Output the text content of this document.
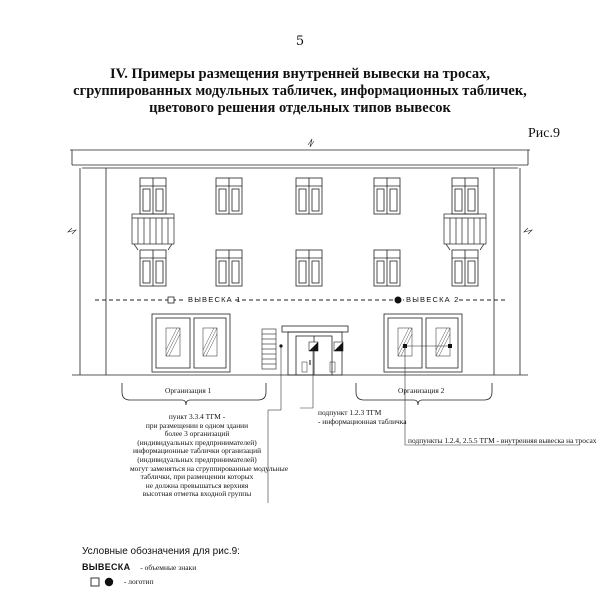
5
IV. Примеры размещения внутренней вывески на тросах,
сгруппированных модульных табличек, информационных табличек,
цветового решения отдельных типов вывесок
Рис.9
ВЫВЕСКА 1	ВЫВЕСКА 2
Организация 1	Организация 2
пункт 3.3.4 ТГМ -
при размещении в одном здании
более 3 организаций
(индивидуальных предпринимателей)
информационные таблички организаций
(индивидуальных предпринимателей)
могут заменяться на сгруппированные модульные
таблички, при размещении которых
не должна превышаться верхняя
высотная отметка входной группы
подпункт 1.2.3 ТГМ
- информационная табличка
подпункты 1.2.4, 2.5.5 ТГМ - внутренняя вывеска на тросах
Условные обозначения для рис.9:
ВЫВЕСКА - объемные знаки
- логотип
